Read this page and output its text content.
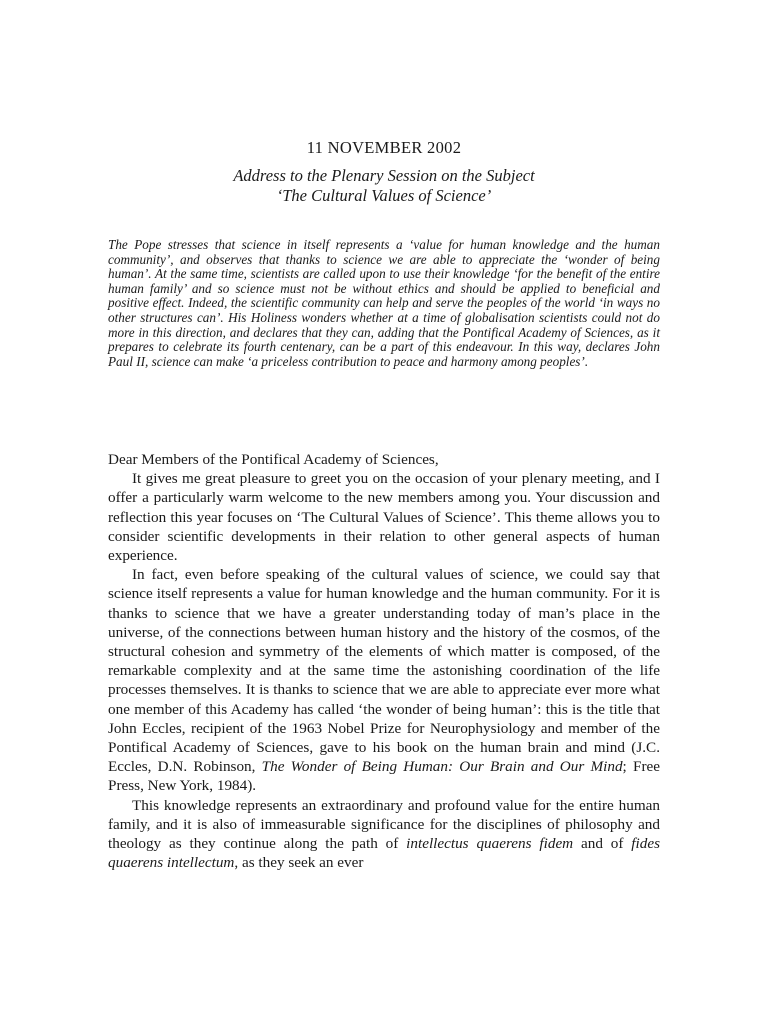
11 NOVEMBER 2002
Address to the Plenary Session on the Subject
‘The Cultural Values of Science’

The Pope stresses that science in itself represents a ‘value for human knowledge and the human community’, and observes that thanks to science we are able to appreciate the ‘wonder of being human’. At the same time, scientists are called upon to use their knowledge ‘for the benefit of the entire human family’ and so science must not be without ethics and should be applied to beneficial and positive effect. Indeed, the scientific community can help and serve the peoples of the world ‘in ways no other structures can’. His Holiness wonders whether at a time of globalisation scientists could not do more in this direction, and declares that they can, adding that the Pontifical Academy of Sciences, as it prepares to celebrate its fourth centenary, can be a part of this endeavour. In this way, declares John Paul II, science can make ‘a priceless contribution to peace and harmony among peoples’.

Dear Members of the Pontifical Academy of Sciences,

It gives me great pleasure to greet you on the occasion of your plenary meeting, and I offer a particularly warm welcome to the new members among you. Your discussion and reflection this year focuses on ‘The Cultural Values of Science’. This theme allows you to consider scientific developments in their relation to other general aspects of human experience.

In fact, even before speaking of the cultural values of science, we could say that science itself represents a value for human knowledge and the human community. For it is thanks to science that we have a greater understanding today of man’s place in the universe, of the connections between human history and the history of the cosmos, of the structural cohesion and symmetry of the elements of which matter is composed, of the remarkable complexity and at the same time the astonishing coordination of the life processes themselves. It is thanks to science that we are able to appreciate ever more what one member of this Academy has called ‘the wonder of being human’: this is the title that John Eccles, recipient of the 1963 Nobel Prize for Neurophysiology and member of the Pontifical Academy of Sciences, gave to his book on the human brain and mind (J.C. Eccles, D.N. Robinson, The Wonder of Being Human: Our Brain and Our Mind; Free Press, New York, 1984).

This knowledge represents an extraordinary and profound value for the entire human family, and it is also of immeasurable significance for the disciplines of philosophy and theology as they continue along the path of intellectus quaerens fidem and of fides quaerens intellectum, as they seek an ever
